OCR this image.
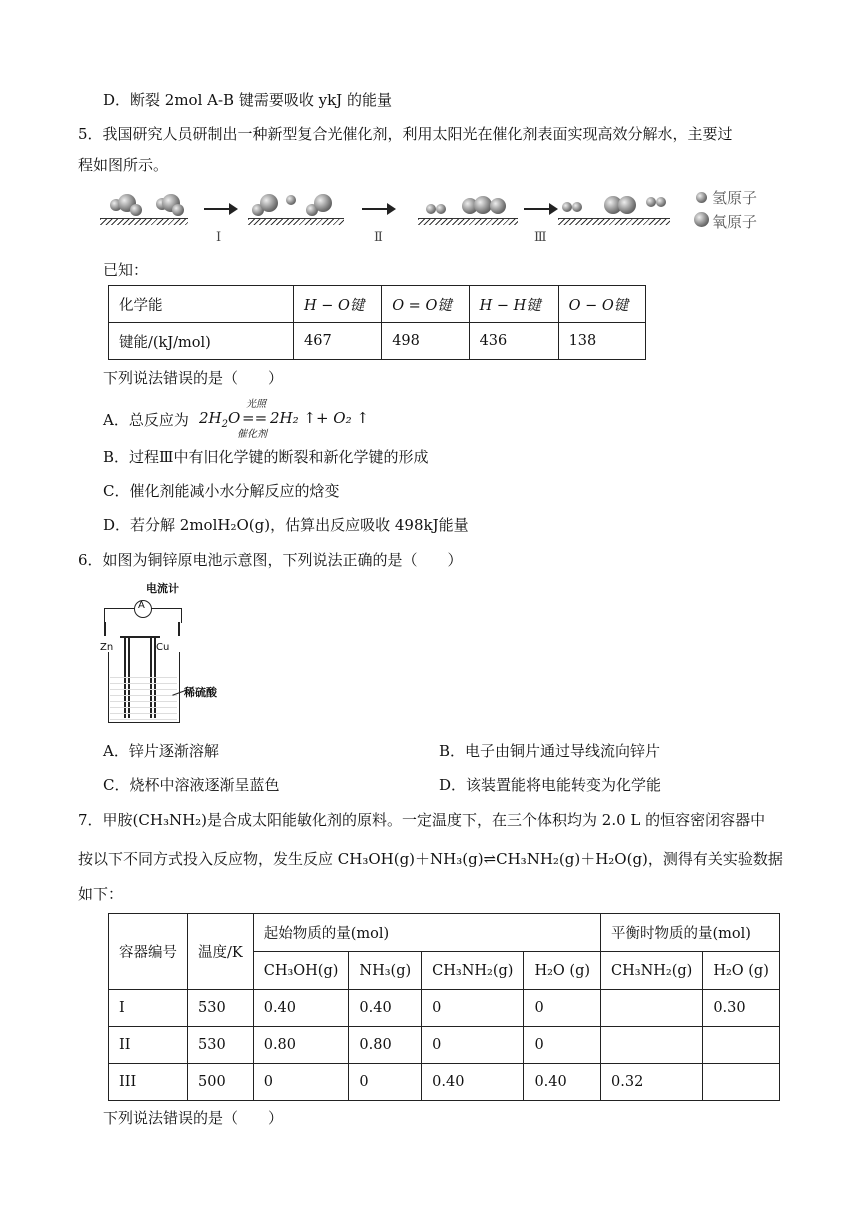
D．断裂 2mol A-B 键需要吸收 ykJ 的能量
5．我国研究人员研制出一种新型复合光催化剂，利用太阳光在催化剂表面实现高效分解水，主要过
程如图所示。
Ⅰ	Ⅱ	Ⅲ
氢原子
氧原子
已知：
化学能	H − O键	O = O键	H − H键	O − O键
键能/(kJ/mol)	467	498	436	138
下列说法错误的是（　　）
A．总反应为 $2H_2O$
光照
==
催化剂
2H₂ ↑+ O₂ ↑
B．过程Ⅲ中有旧化学键的断裂和新化学键的形成
C．催化剂能减小水分解反应的焓变
D．若分解 2molH₂O(g)，估算出反应吸收 498kJ能量
6．如图为铜锌原电池示意图，下列说法正确的是（　　）
电流计
A
Zn	Cu
稀硫酸
A．锌片逐渐溶解	B．电子由铜片通过导线流向锌片
C．烧杯中溶液逐渐呈蓝色	D．该装置能将电能转变为化学能
7．甲胺(CH₃NH₂)是合成太阳能敏化剂的原料。一定温度下，在三个体积均为 2.0 L 的恒容密闭容器中
按以下不同方式投入反应物，发生反应 CH₃OH(g)＋NH₃(g)⇌CH₃NH₂(g)＋H₂O(g)，测得有关实验数据
如下：
容器编号	温度/K	起始物质的量(mol)				平衡时物质的量(mol)	
		CH₃OH(g)	NH₃(g)	CH₃NH₂(g)	H₂O (g)	CH₃NH₂(g)	H₂O (g)
I	530	0.40	0.40	0	0		0.30
II	530	0.80	0.80	0	0		
III	500	0	0	0.40	0.40	0.32	
下列说法错误的是（　　）
